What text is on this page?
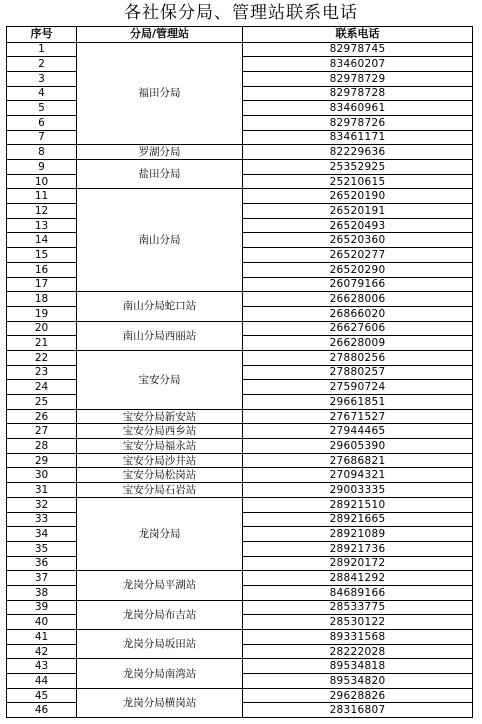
各社保分局、管理站联系电话
序号	分局/管理站	联系电话
1	福田分局	82978745
2		83460207
3		82978729
4		82978728
5		83460961
6		82978726
7		83461171
8	罗湖分局	82229636
9	盐田分局	25352925
10		25210615
11	南山分局	26520190
12		26520191
13		26520493
14		26520360
15		26520277
16		26520290
17		26079166
18	南山分局蛇口站	26628006
19		26866020
20	南山分局西丽站	26627606
21		26628009
22	宝安分局	27880256
23		27880257
24		27590724
25		29661851
26	宝安分局新安站	27671527
27	宝安分局西乡站	27944465
28	宝安分局福永站	29605390
29	宝安分局沙井站	27686821
30	宝安分局松岗站	27094321
31	宝安分局石岩站	29003335
32	龙岗分局	28921510
33		28921665
34		28921089
35		28921736
36		28920172
37	龙岗分局平湖站	28841292
38		84689166
39	龙岗分局布吉站	28533775
40		28530122
41	龙岗分局坂田站	89331568
42		28222028
43	龙岗分局南湾站	89534818
44		89534820
45	龙岗分局横岗站	29628826
46		28316807
